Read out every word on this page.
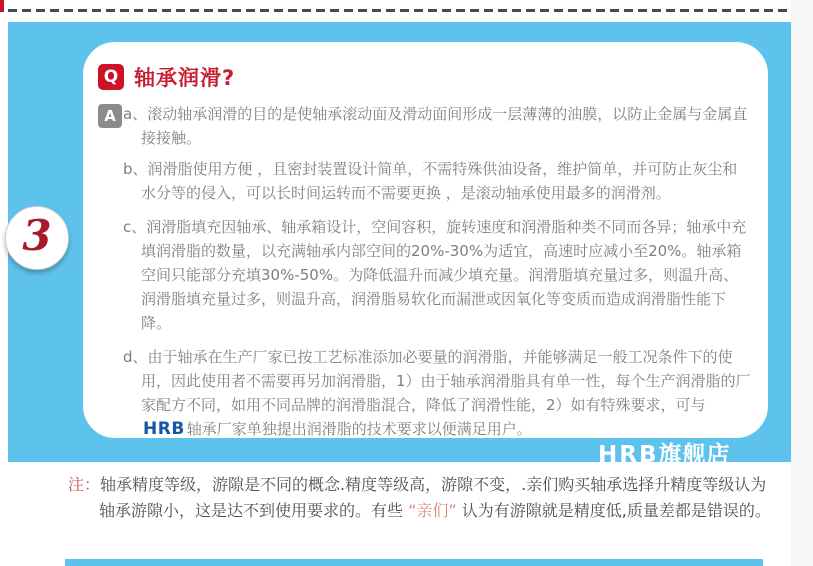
Q 轴承润滑?
A a、滚动轴承润滑的目的是使轴承滚动面及滑动面间形成一层薄薄的油膜，以防止金属与金属直接接触。

b、润滑脂使用方便 ，且密封装置设计简单，不需特殊供油设备，维护简单，并可防止灰尘和水分等的侵入，可以长时间运转而不需要更换 ，是滚动轴承使用最多的润滑剂。

c、润滑脂填充因轴承、轴承箱设计，空间容积，旋转速度和润滑脂种类不同而各异；轴承中充填润滑脂的数量，以充满轴承内部空间的20%-30%为适宜，高速时应减小至20%。轴承箱空间只能部分充填30%-50%。为降低温升而减少填充量。润滑脂填充量过多，则温升高、润滑脂填充量过多，则温升高，润滑脂易软化而漏泄或因氧化等变质而造成润滑脂性能下降。

d、由于轴承在生产厂家已按工艺标准添加必要量的润滑脂，并能够满足一般工况条件下的使用，因此使用者不需要再另加润滑脂，1）由于轴承润滑脂具有单一性，每个生产润滑脂的厂家配方不同，如用不同品牌的润滑脂混合，降低了润滑性能，2）如有特殊要求，可与HRB 轴承厂家单独提出润滑脂的技术要求以便满足用户。

3
HRB旗舰店
注：轴承精度等级，游隙是不同的概念.精度等级高，游隙不变，.亲们购买轴承选择升精度等级认为轴承游隙小，这是达不到使用要求的。有些 “亲们” 认为有游隙就是精度低,质量差都是错误的。
